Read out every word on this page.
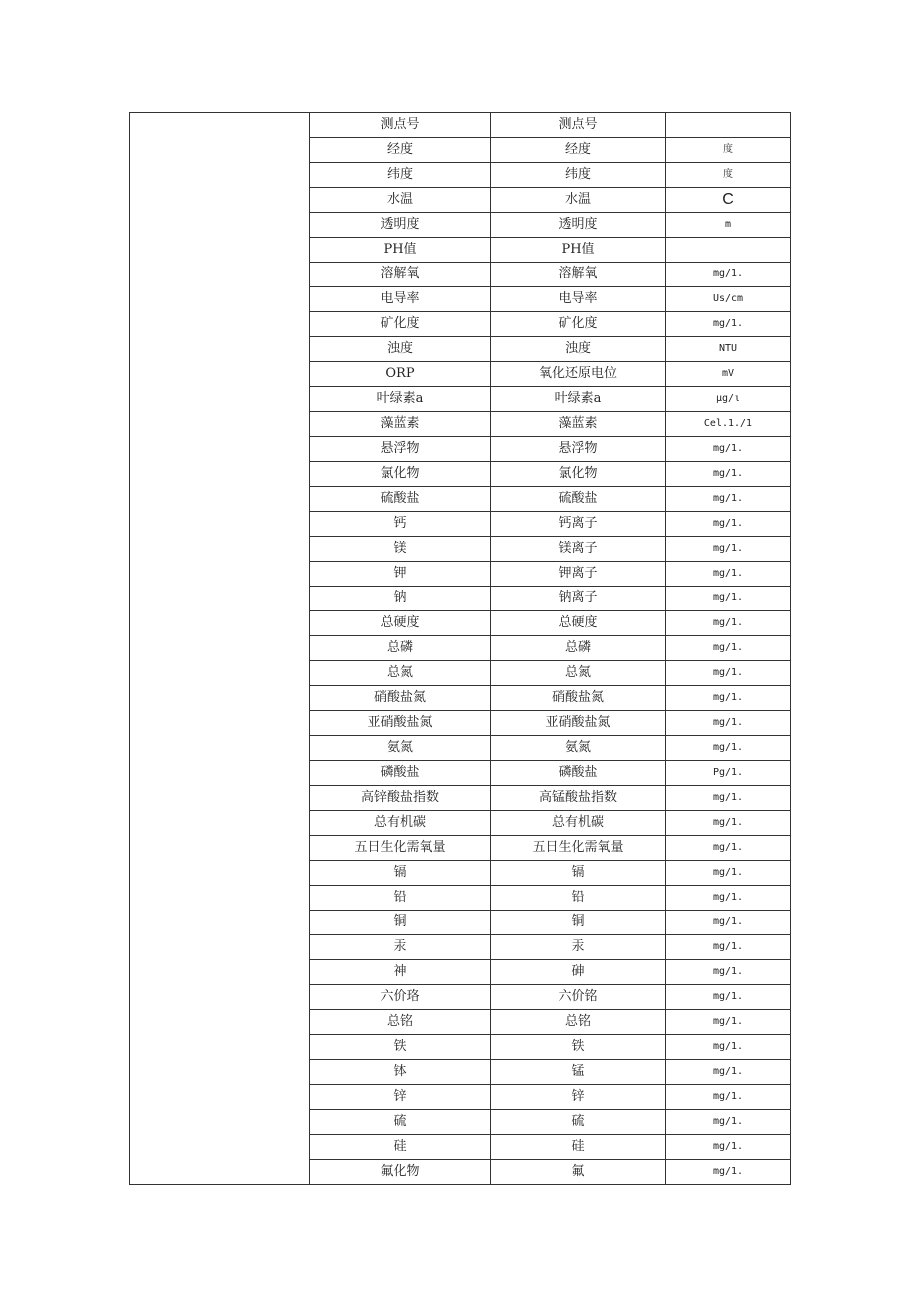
	测点号	测点号	
	经度	经度	度
	纬度	纬度	度
	水温	水温	C
	透明度	透明度	m
	PH值	PH值	
	溶解氧	溶解氧	mg/1.
	电导率	电导率	Us/cm
	矿化度	矿化度	mg/1.
	浊度	浊度	NTU
	ORP	氧化还原电位	mV
	叶绿素a	叶绿素a	μg/ι
	藻蓝素	藻蓝素	Cel.1./1
	悬浮物	悬浮物	mg/1.
	氯化物	氯化物	mg/1.
	硫酸盐	硫酸盐	mg/1.
	钙	钙离子	mg/1.
	镁	镁离子	mg/1.
	钾	钾离子	mg/1.
	钠	钠离子	mg/1.
	总硬度	总硬度	mg/1.
	总磷	总磷	mg/1.
	总氮	总氮	mg/1.
	硝酸盐氮	硝酸盐氮	mg/1.
	亚硝酸盐氮	亚硝酸盐氮	mg/1.
	氨氮	氨氮	mg/1.
	磷酸盐	磷酸盐	Pg/1.
	高锌酸盐指数	高锰酸盐指数	mg/1.
	总有机碳	总有机碳	mg/1.
	五日生化需氧量	五日生化需氧量	mg/1.
	镉	镉	mg/1.
	铅	铅	mg/1.
	铜	铜	mg/1.
	汞	汞	mg/1.
	神	砷	mg/1.
	六价珞	六价铭	mg/1.
	总铭	总铭	mg/1.
	铁	铁	mg/1.
	钵	锰	mg/1.
	锌	锌	mg/1.
	硫	硫	mg/1.
	硅	硅	mg/1.
	氟化物	氟	mg/1.
